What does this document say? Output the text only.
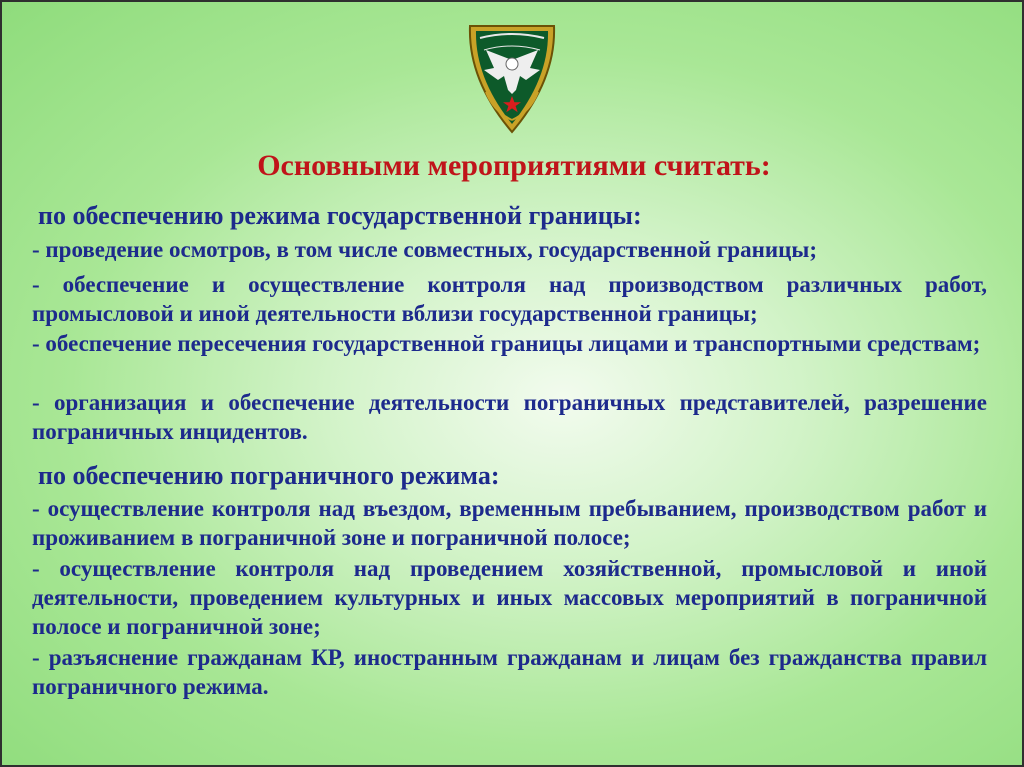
Основными мероприятиями считать:
по обеспечению режима государственной границы:
- проведение осмотров, в том числе совместных, государственной границы;
- обеспечение и осуществление контроля над производством различных работ, промысловой и иной деятельности вблизи государственной границы;
- обеспечение пересечения государственной границы лицами и транспортными средствам;
- организация и обеспечение деятельности пограничных представителей, разрешение пограничных инцидентов.
по обеспечению пограничного режима:
- осуществление контроля над въездом, временным пребыванием, производством работ и проживанием в пограничной зоне и пограничной полосе;
- осуществление контроля над проведением хозяйственной, промысловой и иной деятельности, проведением культурных и иных массовых мероприятий в пограничной полосе и пограничной зоне;
- разъяснение гражданам КР, иностранным гражданам и лицам без гражданства правил пограничного режима.
